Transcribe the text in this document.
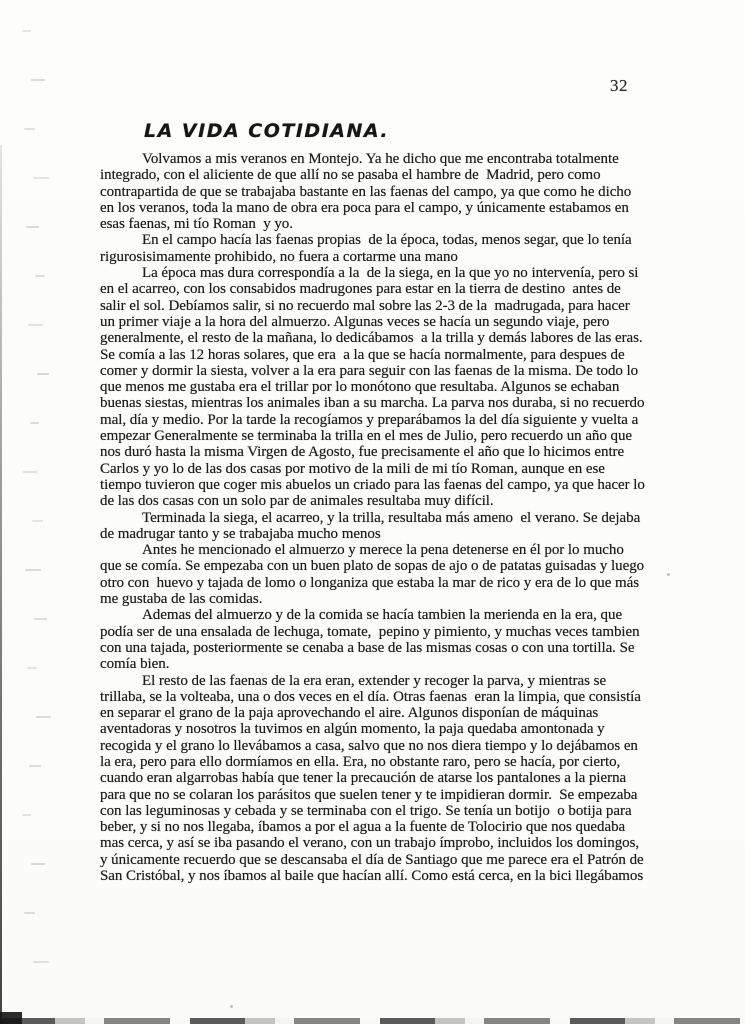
32
LA VIDA COTIDIANA.
Volvamos a mis veranos en Montejo. Ya he dicho que me encontraba totalmente
integrado, con el aliciente de que allí no se pasaba el hambre de  Madrid, pero como
contrapartida de que se trabajaba bastante en las faenas del campo, ya que como he dicho
en los veranos, toda la mano de obra era poca para el campo, y únicamente estabamos en
esas faenas, mi tío Roman  y yo.
En el campo hacía las faenas propias  de la época, todas, menos segar, que lo tenía
rigurosisimamente prohibido, no fuera a cortarme una mano
La época mas dura correspondía a la  de la siega, en la que yo no intervenía, pero si
en el acarreo, con los consabidos madrugones para estar en la tierra de destino  antes de
salir el sol. Debíamos salir, si no recuerdo mal sobre las 2-3 de la  madrugada, para hacer
un primer viaje a la hora del almuerzo. Algunas veces se hacía un segundo viaje, pero
generalmente, el resto de la mañana, lo dedicábamos  a la trilla y demás labores de las eras.
Se comía a las 12 horas solares, que era  a la que se hacía normalmente, para despues de
comer y dormir la siesta, volver a la era para seguir con las faenas de la misma. De todo lo
que menos me gustaba era el trillar por lo monótono que resultaba. Algunos se echaban
buenas siestas, mientras los animales iban a su marcha. La parva nos duraba, si no recuerdo
mal, día y medio. Por la tarde la recogíamos y preparábamos la del día siguiente y vuelta a
empezar Generalmente se terminaba la trilla en el mes de Julio, pero recuerdo un año que
nos duró hasta la misma Virgen de Agosto, fue precisamente el año que lo hicimos entre
Carlos y yo lo de las dos casas por motivo de la mili de mi tío Roman, aunque en ese
tiempo tuvieron que coger mis abuelos un criado para las faenas del campo, ya que hacer lo
de las dos casas con un solo par de animales resultaba muy difícil.
Terminada la siega, el acarreo, y la trilla, resultaba más ameno  el verano. Se dejaba
de madrugar tanto y se trabajaba mucho menos
Antes he mencionado el almuerzo y merece la pena detenerse en él por lo mucho
que se comía. Se empezaba con un buen plato de sopas de ajo o de patatas guisadas y luego
otro con  huevo y tajada de lomo o longaniza que estaba la mar de rico y era de lo que más
me gustaba de las comidas.
Ademas del almuerzo y de la comida se hacía tambien la merienda en la era, que
podía ser de una ensalada de lechuga, tomate,  pepino y pimiento, y muchas veces tambien
con una tajada, posteriormente se cenaba a base de las mismas cosas o con una tortilla. Se
comía bien.
El resto de las faenas de la era eran, extender y recoger la parva, y mientras se
trillaba, se la volteaba, una o dos veces en el día. Otras faenas  eran la limpia, que consistía
en separar el grano de la paja aprovechando el aire. Algunos disponían de máquinas
aventadoras y nosotros la tuvimos en algún momento, la paja quedaba amontonada y
recogida y el grano lo llevábamos a casa, salvo que no nos diera tiempo y lo dejábamos en
la era, pero para ello dormíamos en ella. Era, no obstante raro, pero se hacía, por cierto,
cuando eran algarrobas había que tener la precaución de atarse los pantalones a la pierna
para que no se colaran los parásitos que suelen tener y te impidieran dormir.  Se empezaba
con las leguminosas y cebada y se terminaba con el trigo. Se tenía un botijo  o botija para
beber, y si no nos llegaba, íbamos a por el agua a la fuente de Tolocirio que nos quedaba
mas cerca, y así se iba pasando el verano, con un trabajo ímprobo, incluidos los domingos,
y únicamente recuerdo que se descansaba el día de Santiago que me parece era el Patrón de
San Cristóbal, y nos íbamos al baile que hacían allí. Como está cerca, en la bici llegábamos
